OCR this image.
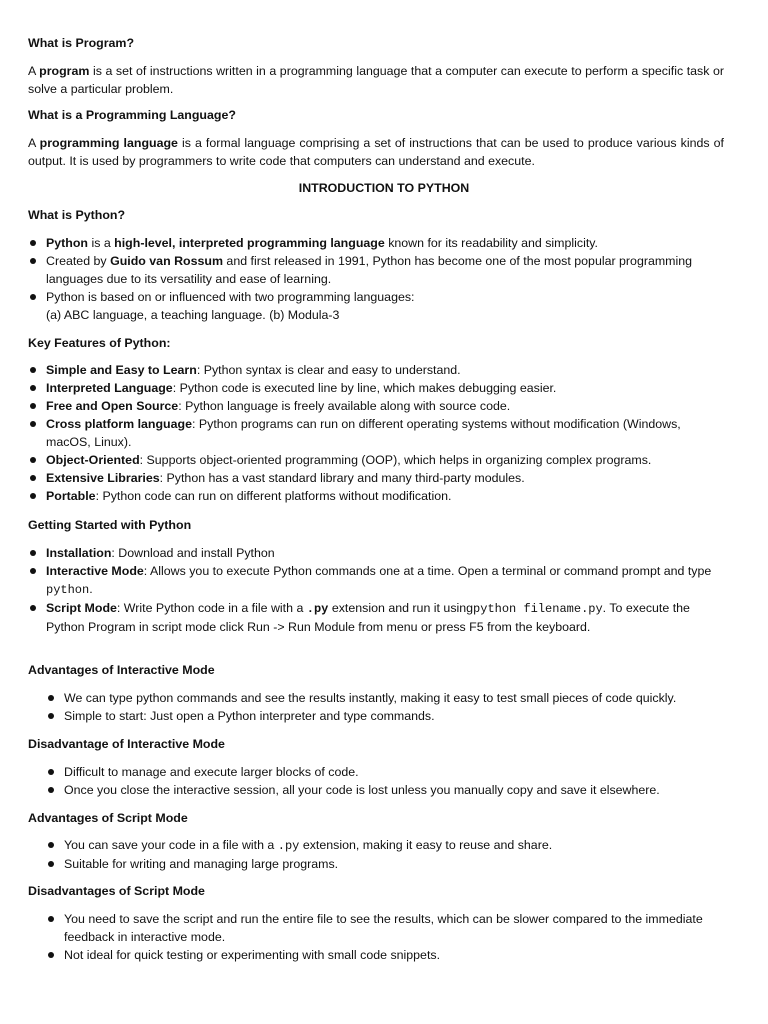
What is Program?

A program is a set of instructions written in a programming language that a computer can execute to perform a specific task or solve a particular problem.

What is a Programming Language?

A programming language is a formal language comprising a set of instructions that can be used to produce various kinds of output. It is used by programmers to write code that computers can understand and execute.

INTRODUCTION TO PYTHON

What is Python?

Python is a high-level, interpreted programming language known for its readability and simplicity.
Created by Guido van Rossum and first released in 1991, Python has become one of the most popular programming languages due to its versatility and ease of learning.
Python is based on or influenced with two programming languages:
(a) ABC language, a teaching language. (b) Modula-3

Key Features of Python:

Simple and Easy to Learn: Python syntax is clear and easy to understand.
Interpreted Language: Python code is executed line by line, which makes debugging easier.
Free and Open Source: Python language is freely available along with source code.
Cross platform language: Python programs can run on different operating systems without modification (Windows, macOS, Linux).
Object-Oriented: Supports object-oriented programming (OOP), which helps in organizing complex programs.
Extensive Libraries: Python has a vast standard library and many third-party modules.
Portable: Python code can run on different platforms without modification.

Getting Started with Python

Installation: Download and install Python
Interactive Mode: Allows you to execute Python commands one at a time. Open a terminal or command prompt and type python.
Script Mode: Write Python code in a file with a .py extension and run it usingpython filename.py. To execute the Python Program in script mode click Run -> Run Module from menu or press F5 from the keyboard.

Advantages of Interactive Mode

We can type python commands and see the results instantly, making it easy to test small pieces of code quickly.
Simple to start: Just open a Python interpreter and type commands.

Disadvantage of Interactive Mode

Difficult to manage and execute larger blocks of code.
Once you close the interactive session, all your code is lost unless you manually copy and save it elsewhere.

Advantages of Script Mode

You can save your code in a file with a .py extension, making it easy to reuse and share.
Suitable for writing and managing large programs.

Disadvantages of Script Mode

You need to save the script and run the entire file to see the results, which can be slower compared to the immediate feedback in interactive mode.
Not ideal for quick testing or experimenting with small code snippets.
